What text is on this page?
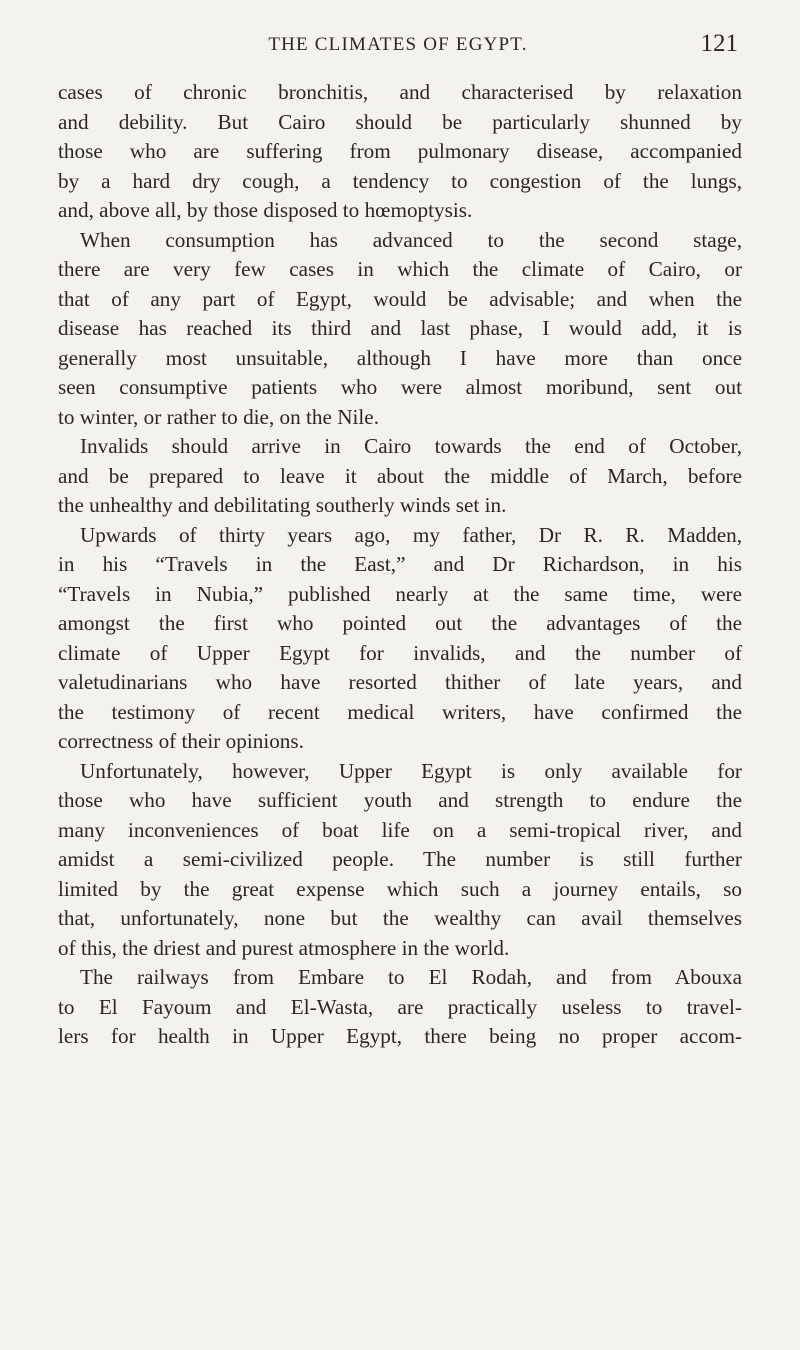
THE CLIMATES OF EGYPT.	121
cases of chronic bronchitis, and characterised by relaxation
and debility. But Cairo should be particularly shunned by
those who are suffering from pulmonary disease, accompanied
by a hard dry cough, a tendency to congestion of the lungs,
and, above all, by those disposed to hœmoptysis.
When consumption has advanced to the second stage,
there are very few cases in which the climate of Cairo, or
that of any part of Egypt, would be advisable; and when the
disease has reached its third and last phase, I would add, it is
generally most unsuitable, although I have more than once
seen consumptive patients who were almost moribund, sent out
to winter, or rather to die, on the Nile.
Invalids should arrive in Cairo towards the end of October,
and be prepared to leave it about the middle of March, before
the unhealthy and debilitating southerly winds set in.
Upwards of thirty years ago, my father, Dr R. R. Madden,
in his “Travels in the East,” and Dr Richardson, in his
“Travels in Nubia,” published nearly at the same time, were
amongst the first who pointed out the advantages of the
climate of Upper Egypt for invalids, and the number of
valetudinarians who have resorted thither of late years, and
the testimony of recent medical writers, have confirmed the
correctness of their opinions.
Unfortunately, however, Upper Egypt is only available for
those who have sufficient youth and strength to endure the
many inconveniences of boat life on a semi-tropical river, and
amidst a semi-civilized people. The number is still further
limited by the great expense which such a journey entails, so
that, unfortunately, none but the wealthy can avail themselves
of this, the driest and purest atmosphere in the world.
The railways from Embare to El Rodah, and from Abouxa
to El Fayoum and El-Wasta, are practically useless to travel-
lers for health in Upper Egypt, there being no proper accom-
